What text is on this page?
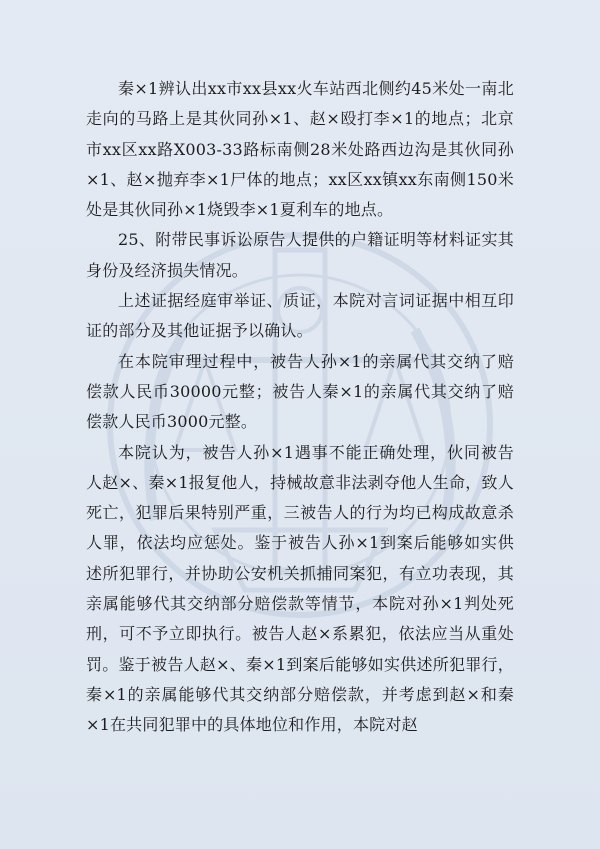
秦×1辨认出xx市xx县xx火车站西北侧约45米处一南北走向的马路上是其伙同孙×1、赵×殴打李×1的地点；北京市xx区xx路X003-33路标南侧28米处路西边沟是其伙同孙×1、赵×抛弃李×1尸体的地点；xx区xx镇xx东南侧150米处是其伙同孙×1烧毁李×1夏利车的地点。

25、附带民事诉讼原告人提供的户籍证明等材料证实其身份及经济损失情况。

上述证据经庭审举证、质证，本院对言词证据中相互印证的部分及其他证据予以确认。

在本院审理过程中，被告人孙×1的亲属代其交纳了赔偿款人民币30000元整；被告人秦×1的亲属代其交纳了赔偿款人民币3000元整。

本院认为，被告人孙×1遇事不能正确处理，伙同被告人赵×、秦×1报复他人，持械故意非法剥夺他人生命，致人死亡，犯罪后果特别严重，三被告人的行为均已构成故意杀人罪，依法均应惩处。鉴于被告人孙×1到案后能够如实供述所犯罪行，并协助公安机关抓捕同案犯，有立功表现，其亲属能够代其交纳部分赔偿款等情节，本院对孙×1判处死刑，可不予立即执行。被告人赵×系累犯，依法应当从重处罚。鉴于被告人赵×、秦×1到案后能够如实供述所犯罪行，秦×1的亲属能够代其交纳部分赔偿款，并考虑到赵×和秦×1在共同犯罪中的具体地位和作用，本院对赵
